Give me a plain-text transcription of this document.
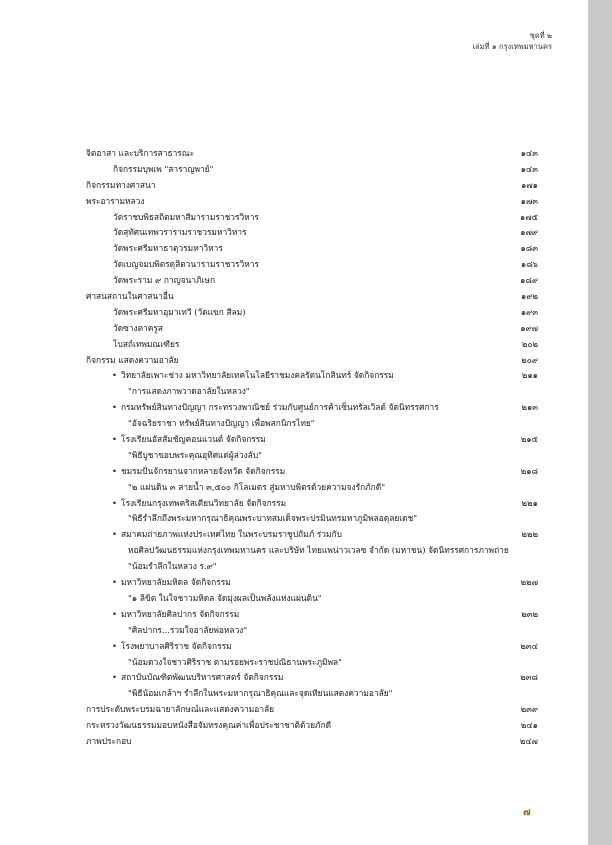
ชุดที่ ๒
เล่มที่ ๑ กรุงเทพมหานคร
จิตอาสา และบริการสาธารณะ	๑๔๓
กิจกรรมบุพเพ "สาราญพาย์"	๑๔๓
กิจกรรมทางศาสนา	๑๗๑
พระอารามหลวง	๑๗๓
วัดราชบพิธสถิตมหาสีมารามราชวรวิหาร	๑๗๕
วัดสุทัศนเทพวรารามราชวรมหาวิหาร	๑๗๙
วัดพระศรีมหาธาตุวรมหาวิหาร	๑๘๓
วัดเบญจมบพิตรดุสิตวนารามราชวรวิหาร	๑๘๖
วัดพระราม ๙ กาญจนาภิเษก	๑๘๙
ศาสนสถานในศาสนาอื่น	๑๙๒
วัดพระศรีมหาอุมาเทวี (วัดแขก สีลม)	๑๙๓
วัดซางตาครูส	๑๙๗
โบสถ์เทพมณเฑียร	๒๐๒
กิจกรรม แสดงความอาลัย	๒๐๙
• วิทยาลัยเพาะช่าง มหาวิทยาลัยเทคโนโลยีราชมงคลรัตนโกสินทร์ จัดกิจกรรม	๒๑๑
"การแสดงภาพวาดอาลัยในหลวง"
• กรมทรัพย์สินทางปัญญา กระทรวงพาณิชย์ ร่วมกับศูนย์การค้าเซ็นทรัลเวิลด์ จัดนิทรรศการ	๒๑๓
"อัจฉริยราชา ทรัพย์สินทางปัญญา เพื่อพสกนิกรไทย"
• โรงเรียนอัสสัมชัญคอนแวนต์ จัดกิจกรรม	๒๑๕
"พิธีบูชาขอบพระคุณอุทิศแด่ผู้ล่วงลับ"
• ชมรมปั่นจักรยานจากหลายจังหวัด จัดกิจกรรม	๒๑๘
"๒ แผ่นดิน ๓ สายน้ำ ๓,๕๐๐ กิโลเมตร สู่มหาบพิตรด้วยความจงรักภักดี"
• โรงเรียนกรุงเทพคริสเตียนวิทยาลัย จัดกิจกรรม	๒๒๑
"พิธีรำลึกถึงพระมหากรุณาธิคุณพระบาทสมเด็จพระปรมินทรมหาภูมิพลอดุลยเดช"
• สมาคมถ่ายภาพแห่งประเทศไทย ในพระบรมราชูปถัมภ์ ร่วมกับ	๒๒๒
หอศิลปวัฒนธรรมแห่งกรุงเทพมหานคร และบริษัท ไทยแพน่าวเวลซ จำกัด (มหาชน) จัดนิทรรศการภาพถ่าย
"น้อมรำลึกในหลวง ร.๙"
• มหาวิทยาลัยมหิดล จัดกิจกรรม	๒๒๗
"๑ ลิขิต ในใจชาวมหิดล จัดมุ่งผลเป็นพลังแห่งแผ่นดิน"
• มหาวิทยาลัยศิลปากร จัดกิจกรรม	๒๓๒
"ศิลปากร...รวมใจอาลัยพ่อหลวง"
• โรงพยาบาลศิริราช จัดกิจกรรม	๒๓๔
"น้อมดวงใจชาวศิริราช ตามรอยพระราชปณิธานพระภูมิพล"
• สถาบันบัณฑิตพัฒนบริหารศาสตร์ จัดกิจกรรม	๒๓๘
"พิธีน้อมเกล้าฯ รำลึกในพระมหากรุณาธิคุณและจุดเทียนแสดงความอาลัย"
การประดับพระบรมฉายาลักษณ์และแสดงความอาลัย	๒๓๙
กระทรวงวัฒนธรรมมอบหนังสือจัมทรงคุณค่าเพื่อประชาชาติด้วยภักดี	๒๔๑
ภาพประกอบ	๒๔๗
๗
